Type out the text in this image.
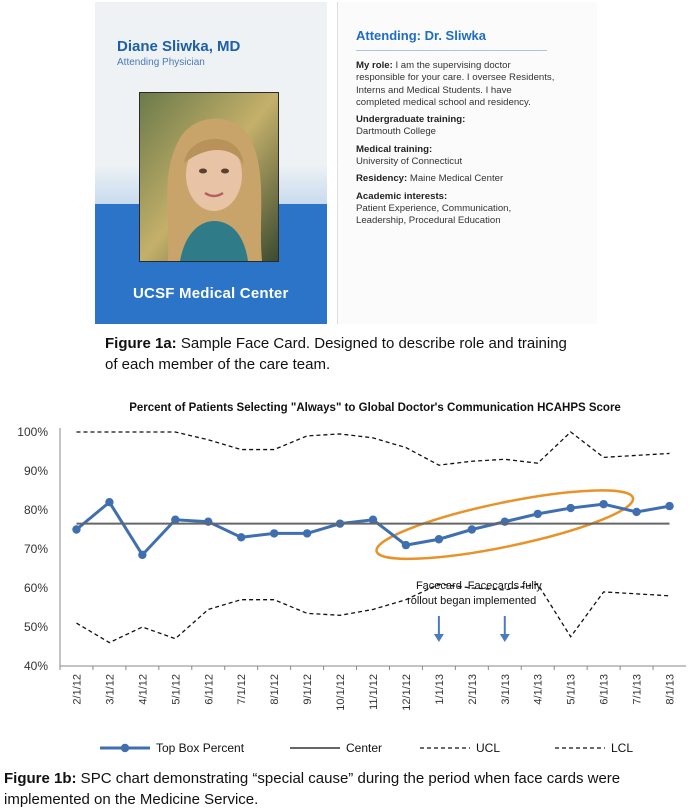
Diane Sliwka, MD
Attending Physician
UCSF Medical Center
Attending: Dr. Sliwka
My role: I am the supervising doctor responsible for your care. I oversee Residents, Interns and Medical Students. I have completed medical school and residency.
Undergraduate training:
Dartmouth College
Medical training:
University of Connecticut
Residency: Maine Medical Center
Academic interests:
Patient Experience, Communication, Leadership, Procedural Education
Figure 1a: Sample Face Card. Designed to describe role and training of each member of the care team.
Percent of Patients Selecting "Always" to Global Doctor's Communication HCAHPS Score
40%
50%
60%
70%
80%
90%
100%
2/1/12 3/1/12 4/1/12 5/1/12 6/1/12 7/1/12 8/1/12 9/1/12 10/1/12 11/1/12 12/1/12 1/1/13 2/1/13 3/1/13 4/1/13 5/1/13 6/1/13 7/1/13 8/1/13
Facecard rollout began
Facecards fully implemented
Top Box Percent	Center	UCL	LCL
Figure 1b: SPC chart demonstrating “special cause” during the period when face cards were implemented on the Medicine Service.
